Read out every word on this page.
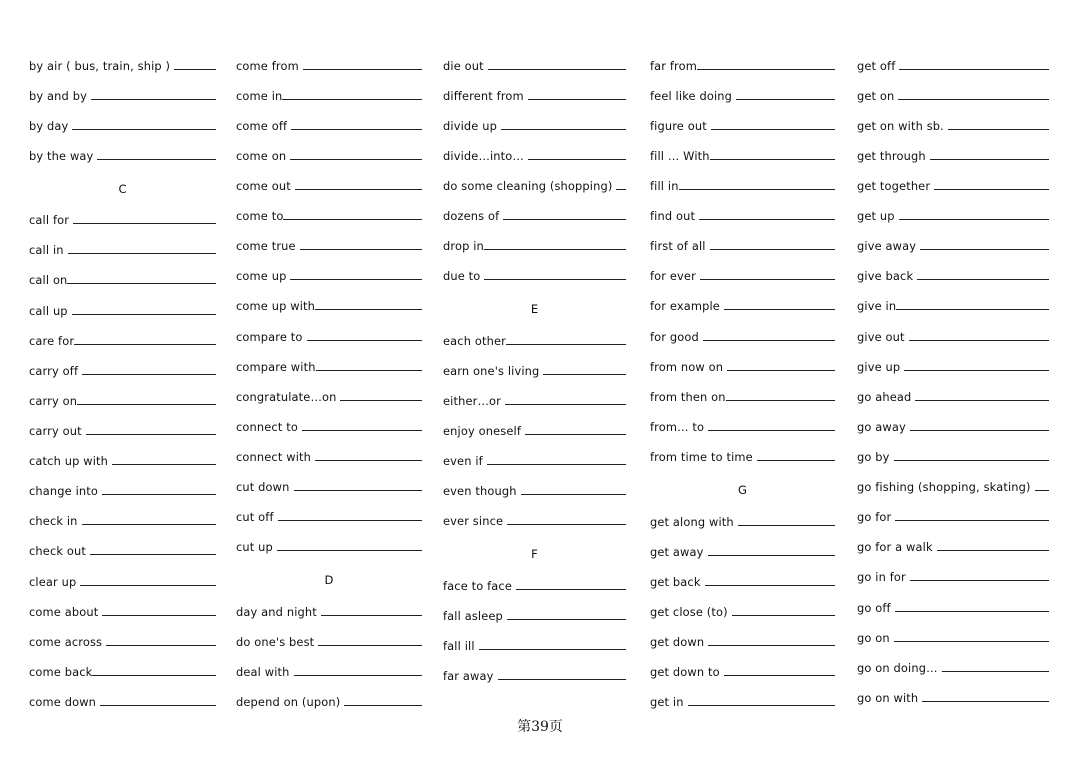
by air ( bus, train, ship )
by and by
by day
by the way
C
call for
call in
call on
call up
care for
carry off
carry on
carry out
catch up with
change into
check in
check out
clear up
come about
come across
come back
come down
come from
come in
come off
come on
come out
come to
come true
come up
come up with
compare to
compare with
congratulate…on
connect to
connect with
cut down
cut off
cut up
D
day and night
do one's best
deal with
depend on (upon)
die out
different from
divide up
divide…into…
do some cleaning (shopping)
dozens of
drop in
due to
E
each other
earn one's living
either…or
enjoy oneself
even if
even though
ever since
F
face to face
fall asleep
fall ill
far away
far from
feel like doing
figure out
fill … With
fill in
find out
first of all
for ever
for example
for good
from now on
from then on
from… to
from time to time
G
get along with
get away
get back
get close (to)
get down
get down to
get in
get off
get on
get on with sb.
get through
get together
get up
give away
give back
give in
give out
give up
go ahead
go away
go by
go fishing (shopping, skating)
go for
go for a walk
go in for
go off
go on
go on doing…
go on with
第39页
